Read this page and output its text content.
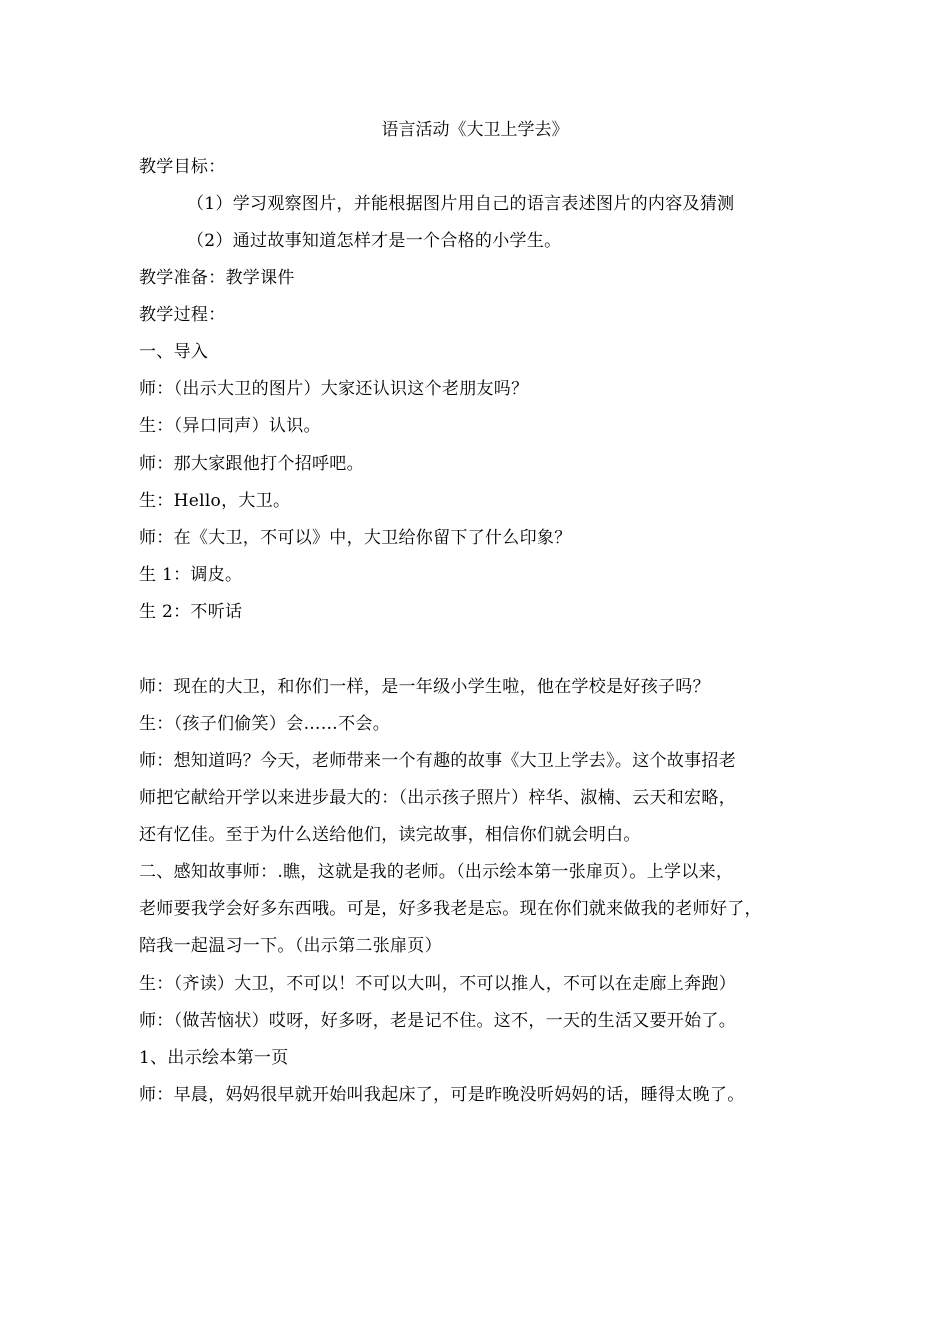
语言活动《大卫上学去》
教学目标：
（1）学习观察图片，并能根据图片用自己的语言表述图片的内容及猜测
（2）通过故事知道怎样才是一个合格的小学生。
教学准备：教学课件
教学过程：
一、导入
师：（出示大卫的图片）大家还认识这个老朋友吗？
生：（异口同声）认识。
师：那大家跟他打个招呼吧。
生：Hello，大卫。
师：在《大卫，不可以》中，大卫给你留下了什么印象？
生 1：调皮。
生 2：不听话
师：现在的大卫，和你们一样，是一年级小学生啦，他在学校是好孩子吗？
生：（孩子们偷笑）会……不会。
师：想知道吗？今天，老师带来一个有趣的故事《大卫上学去》。这个故事招老
师把它献给开学以来进步最大的：（出示孩子照片）梓华、淑楠、云天和宏略，
还有忆佳。至于为什么送给他们，读完故事，相信你们就会明白。
二、感知故事师：.瞧，这就是我的老师。（出示绘本第一张扉页）。上学以来，
老师要我学会好多东西哦。可是，好多我老是忘。现在你们就来做我的老师好了，
陪我一起温习一下。（出示第二张扉页）
生：（齐读）大卫，不可以！不可以大叫，不可以推人，不可以在走廊上奔跑）
师：（做苦恼状）哎呀，好多呀，老是记不住。这不，一天的生活又要开始了。
1、出示绘本第一页
师：早晨，妈妈很早就开始叫我起床了，可是昨晚没听妈妈的话，睡得太晚了。
